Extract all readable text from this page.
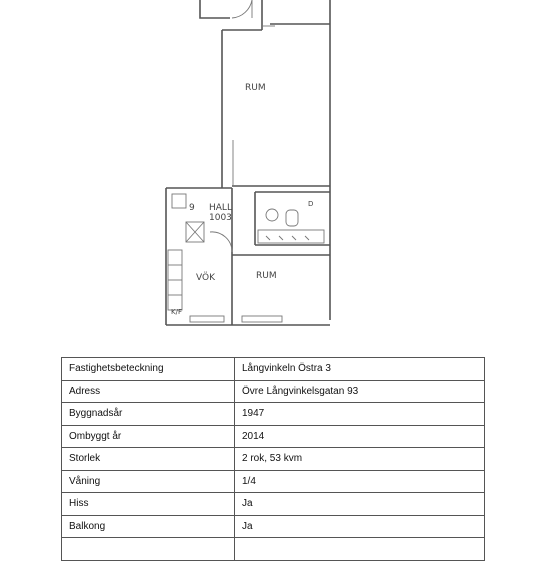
RUM
HALL
1003
9
VÖK	RUM
D
K/F
Fastighetsbeteckning	Långvinkeln Östra 3
Adress	Övre Långvinkelsgatan 93
Byggnadsår	1947
Ombyggt år	2014
Storlek	2 rok, 53 kvm
Våning	1/4
Hiss	Ja
Balkong	Ja
